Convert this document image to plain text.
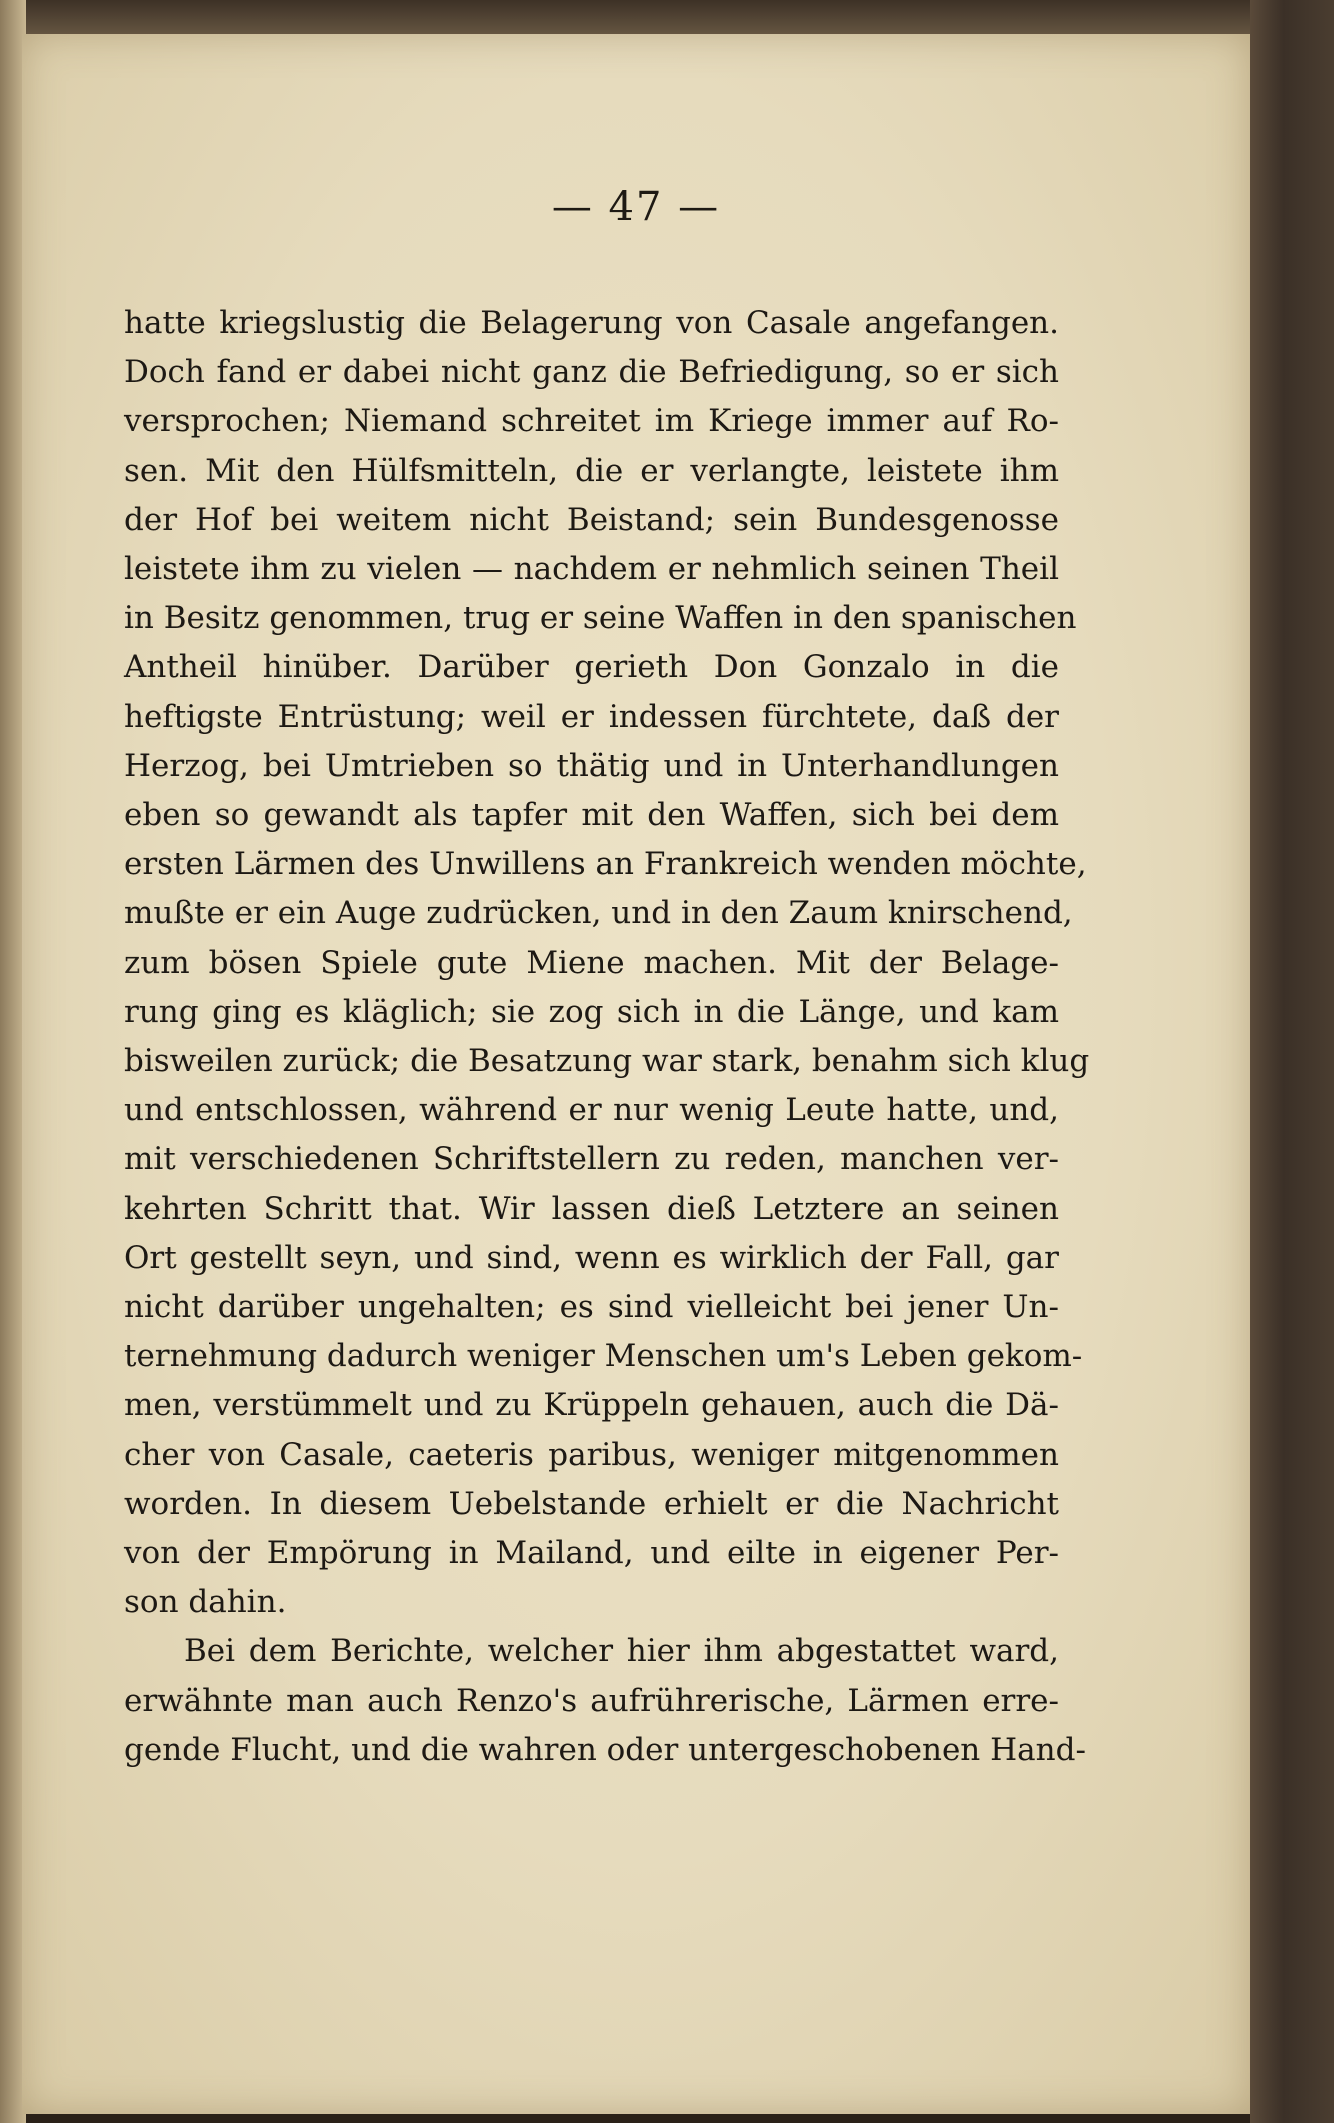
— 47 —
hatte kriegslustig die Belagerung von Casale angefangen.
Doch fand er dabei nicht ganz die Befriedigung, so er sich
versprochen; Niemand schreitet im Kriege immer auf Ro-
sen. Mit den Hülfsmitteln, die er verlangte, leistete ihm
der Hof bei weitem nicht Beistand; sein Bundesgenosse
leistete ihm zu vielen — nachdem er nehmlich seinen Theil
in Besitz genommen, trug er seine Waffen in den spanischen
Antheil hinüber. Darüber gerieth Don Gonzalo in die
heftigste Entrüstung; weil er indessen fürchtete, daß der
Herzog, bei Umtrieben so thätig und in Unterhandlungen
eben so gewandt als tapfer mit den Waffen, sich bei dem
ersten Lärmen des Unwillens an Frankreich wenden möchte,
mußte er ein Auge zudrücken, und in den Zaum knirschend,
zum bösen Spiele gute Miene machen. Mit der Belage-
rung ging es kläglich; sie zog sich in die Länge, und kam
bisweilen zurück; die Besatzung war stark, benahm sich klug
und entschlossen, während er nur wenig Leute hatte, und,
mit verschiedenen Schriftstellern zu reden, manchen ver-
kehrten Schritt that. Wir lassen dieß Letztere an seinen
Ort gestellt seyn, und sind, wenn es wirklich der Fall, gar
nicht darüber ungehalten; es sind vielleicht bei jener Un-
ternehmung dadurch weniger Menschen um's Leben gekom-
men, verstümmelt und zu Krüppeln gehauen, auch die Dä-
cher von Casale, caeteris paribus, weniger mitgenommen
worden. In diesem Uebelstande erhielt er die Nachricht
von der Empörung in Mailand, und eilte in eigener Per-
son dahin.
Bei dem Berichte, welcher hier ihm abgestattet ward,
erwähnte man auch Renzo's aufrührerische, Lärmen erre-
gende Flucht, und die wahren oder untergeschobenen Hand-
